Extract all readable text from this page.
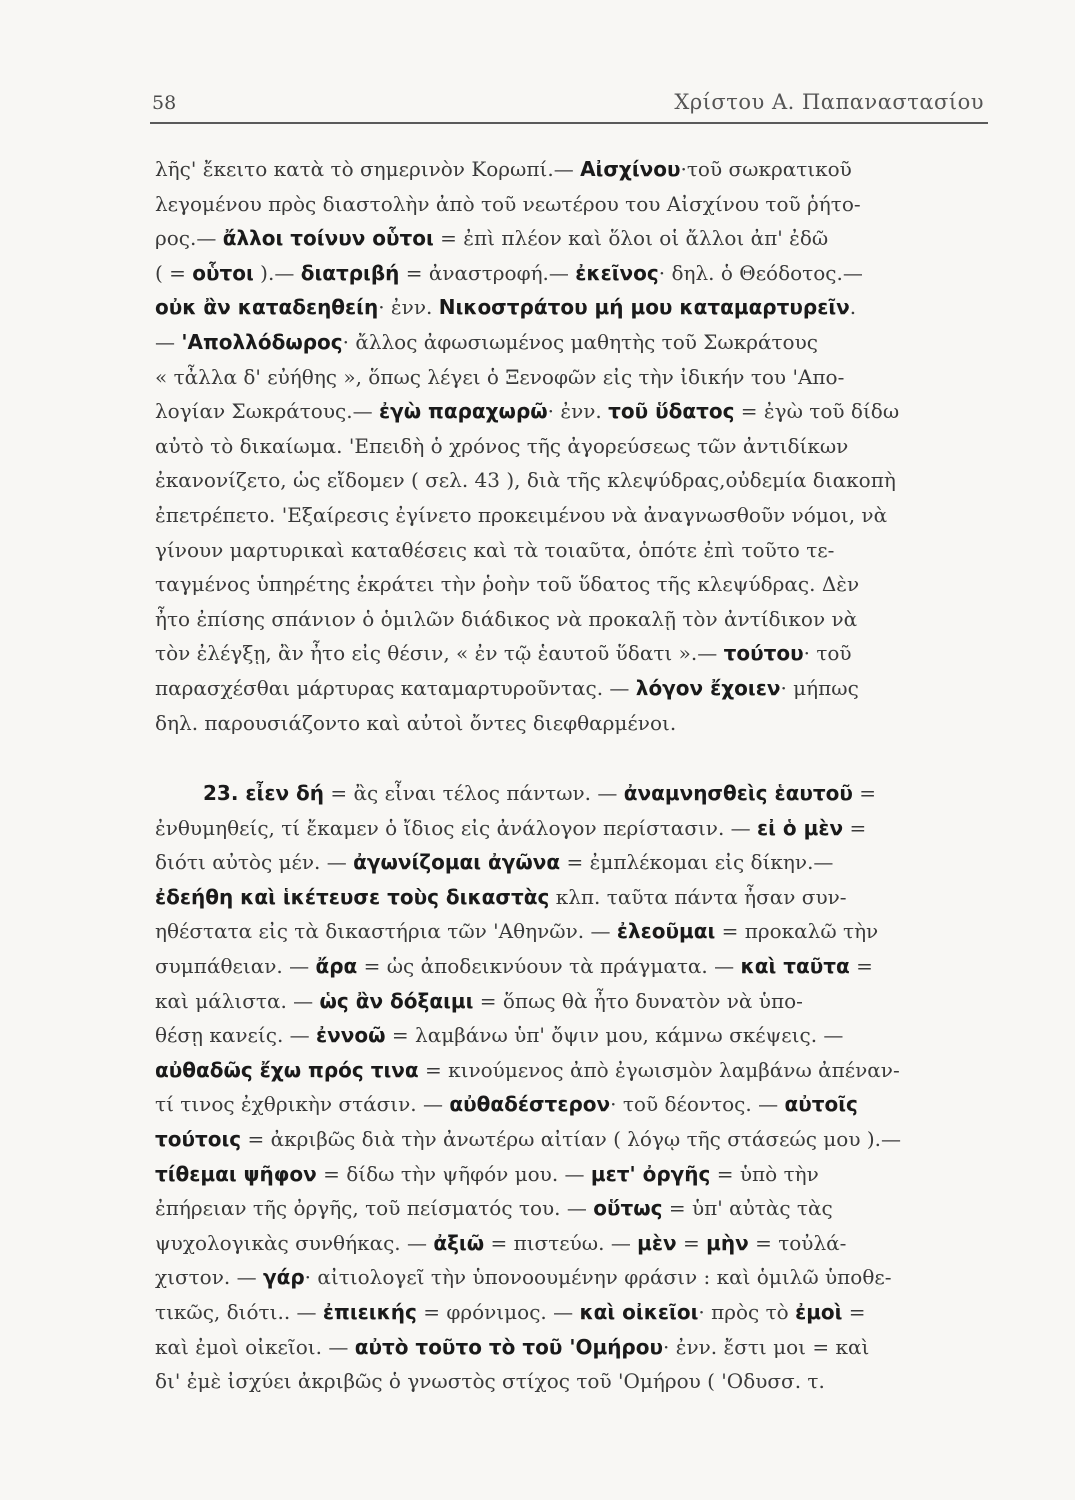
58	Χρίστου Α. Παπαναστασίου
λῆς' ἔκειτο κατὰ τὸ σημερινὸν Κορωπί.— Αἰσχίνου·τοῦ σωκρατικοῦ
λεγομένου πρὸς διαστολὴν ἀπὸ τοῦ νεωτέρου του Αἰσχίνου τοῦ ῥήτο-
ρος.— ἄλλοι τοίνυν οὗτοι = ἐπὶ πλέον καὶ ὅλοι οἱ ἄλλοι ἀπ' ἐδῶ
( = οὗτοι ).— διατριβή = ἀναστροφή.— ἐκεῖνος· δηλ. ὁ Θεόδοτος.—
οὐκ ἂν καταδεηθείη· ἐνν. Νικοστράτου μή μου καταμαρτυρεῖν.
— 'Απολλόδωρος· ἄλλος ἀφωσιωμένος μαθητὴς τοῦ Σωκράτους
« τἆλλα δ' εὐήθης », ὅπως λέγει ὁ Ξενοφῶν εἰς τὴν ἰδικήν του 'Απο-
λογίαν Σωκράτους.— ἐγὼ παραχωρῶ· ἐνν. τοῦ ὕδατος = ἐγὼ τοῦ δίδω
αὐτὸ τὸ δικαίωμα. 'Επειδὴ ὁ χρόνος τῆς ἀγορεύσεως τῶν ἀντιδίκων
ἐκανονίζετο, ὡς εἴδομεν ( σελ. 43 ), διὰ τῆς κλεψύδρας,οὐδεμία διακοπὴ
ἐπετρέπετο. 'Εξαίρεσις ἐγίνετο προκειμένου νὰ ἀναγνωσθοῦν νόμοι, νὰ
γίνουν μαρτυρικαὶ καταθέσεις καὶ τὰ τοιαῦτα, ὁπότε ἐπὶ τοῦτο τε-
ταγμένος ὑπηρέτης ἐκράτει τὴν ῥοὴν τοῦ ὕδατος τῆς κλεψύδρας. Δὲν
ἦτο ἐπίσης σπάνιον ὁ ὁμιλῶν διάδικος νὰ προκαλῇ τὸν ἀντίδικον νὰ
τὸν ἐλέγξῃ, ἂν ἦτο εἰς θέσιν, « ἐν τῷ ἑαυτοῦ ὕδατι ».— τούτου· τοῦ
παρασχέσθαι μάρτυρας καταμαρτυροῦντας. — λόγον ἔχοιεν· μήπως
δηλ. παρουσιάζοντο καὶ αὐτοὶ ὄντες διεφθαρμένοι.
23. εἶεν δή = ἂς εἶναι τέλος πάντων. — ἀναμνησθεὶς ἑαυτοῦ =
ἐνθυμηθείς, τί ἔκαμεν ὁ ἴδιος εἰς ἀνάλογον περίστασιν. — εἰ ὁ μὲν =
διότι αὐτὸς μέν. — ἀγωνίζομαι ἀγῶνα = ἐμπλέκομαι εἰς δίκην.—
ἐδεήθη καὶ ἱκέτευσε τοὺς δικαστὰς κλπ. ταῦτα πάντα ἦσαν συν-
ηθέστατα εἰς τὰ δικαστήρια τῶν 'Αθηνῶν. — ἐλεοῦμαι = προκαλῶ τὴν
συμπάθειαν. — ἄρα = ὡς ἀποδεικνύουν τὰ πράγματα. — καὶ ταῦτα =
καὶ μάλιστα. — ὡς ἂν δόξαιμι = ὅπως θὰ ἦτο δυνατὸν νὰ ὑπο-
θέσῃ κανείς. — ἐννοῶ = λαμβάνω ὑπ' ὄψιν μου, κάμνω σκέψεις. —
αὐθαδῶς ἔχω πρός τινα = κινούμενος ἀπὸ ἐγωισμὸν λαμβάνω ἀπέναν-
τί τινος ἐχθρικὴν στάσιν. — αὐθαδέστερον· τοῦ δέοντος. — αὐτοῖς
τούτοις = ἀκριβῶς διὰ τὴν ἀνωτέρω αἰτίαν ( λόγῳ τῆς στάσεώς μου ).—
τίθεμαι ψῆφον = δίδω τὴν ψῆφόν μου. — μετ' ὀργῆς = ὑπὸ τὴν
ἐπήρειαν τῆς ὀργῆς, τοῦ πείσματός του. — οὕτως = ὑπ' αὐτὰς τὰς
ψυχολογικὰς συνθήκας. — ἀξιῶ = πιστεύω. — μὲν = μὴν = τοὐλά-
χιστον. — γάρ· αἰτιολογεῖ τὴν ὑπονοουμένην φράσιν : καὶ ὁμιλῶ ὑποθε-
τικῶς, διότι.. — ἐπιεικής = φρόνιμος. — καὶ οἰκεῖοι· πρὸς τὸ ἐμοὶ =
καὶ ἐμοὶ οἰκεῖοι. — αὐτὸ τοῦτο τὸ τοῦ 'Ομήρου· ἐνν. ἔστι μοι = καὶ
δι' ἐμὲ ἰσχύει ἀκριβῶς ὁ γνωστὸς στίχος τοῦ 'Ομήρου ( 'Οδυσσ. τ.
